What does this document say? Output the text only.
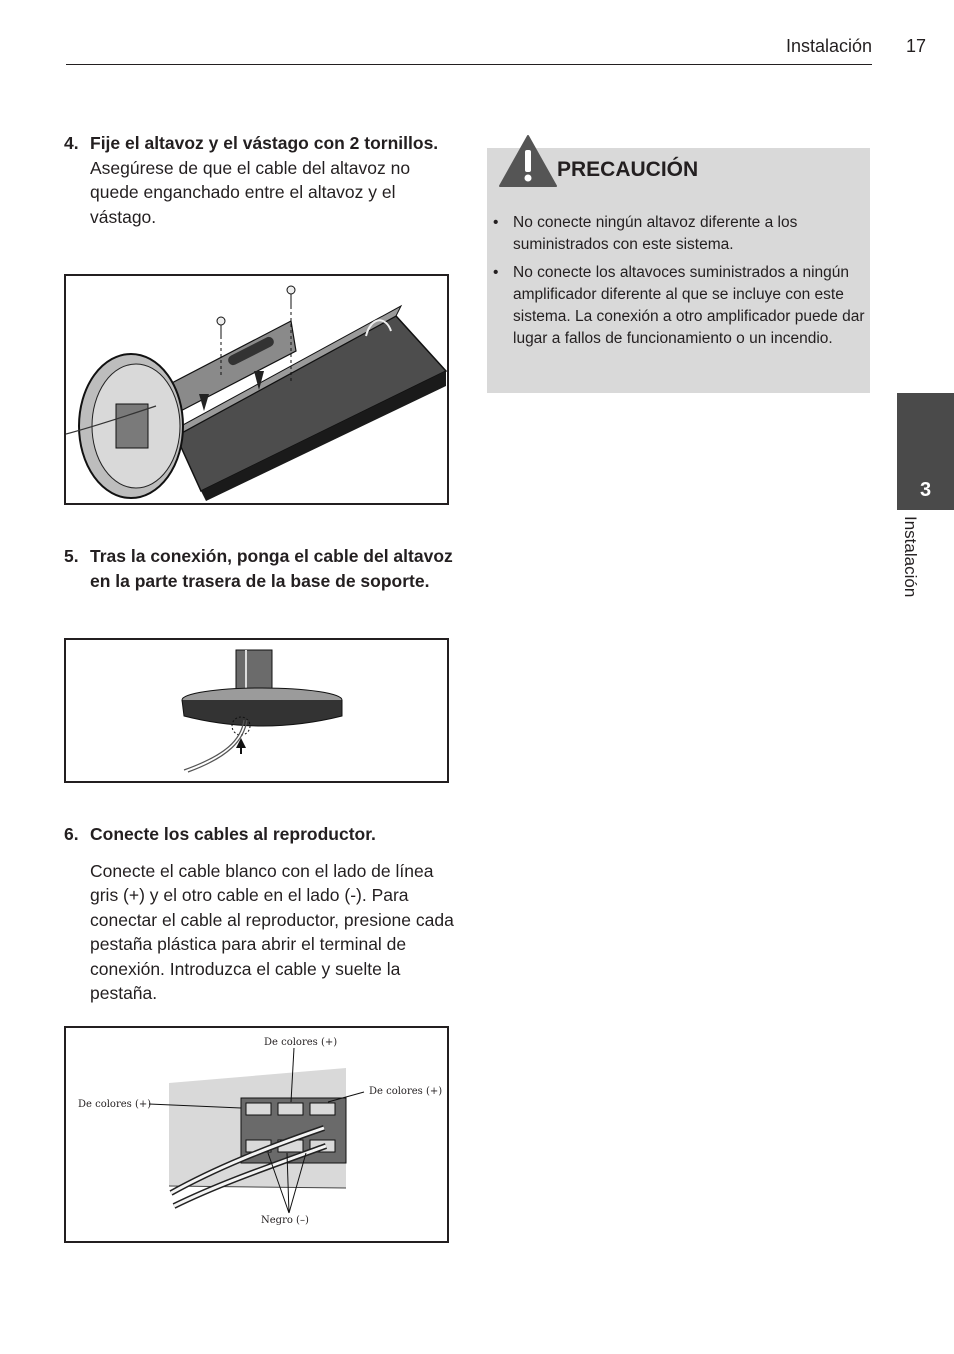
Instalación 17
4. Fije el altavoz y el vástago con 2 tornillos.
Asegúrese de que el cable del altavoz no quede enganchado entre el altavoz y el vástago.
5. Tras la conexión, ponga el cable del altavoz en la parte trasera de la base de soporte.
6. Conecte los cables al reproductor.
Conecte el cable blanco con el lado de línea gris (+) y el otro cable en el lado (-). Para conectar el cable al reproductor, presione cada pestaña plástica para abrir el terminal de conexión. Introduzca el cable y suelte la pestaña.
De colores (+)
De colores (+)
De colores (+)
Negro (–)
PRECAUCIÓN
• No conecte ningún altavoz diferente a los suministrados con este sistema.
• No conecte los altavoces suministrados a ningún amplificador diferente al que se incluye con este sistema. La conexión a otro amplificador puede dar lugar a fallos de funcionamiento o un incendio.
3
Instalación
